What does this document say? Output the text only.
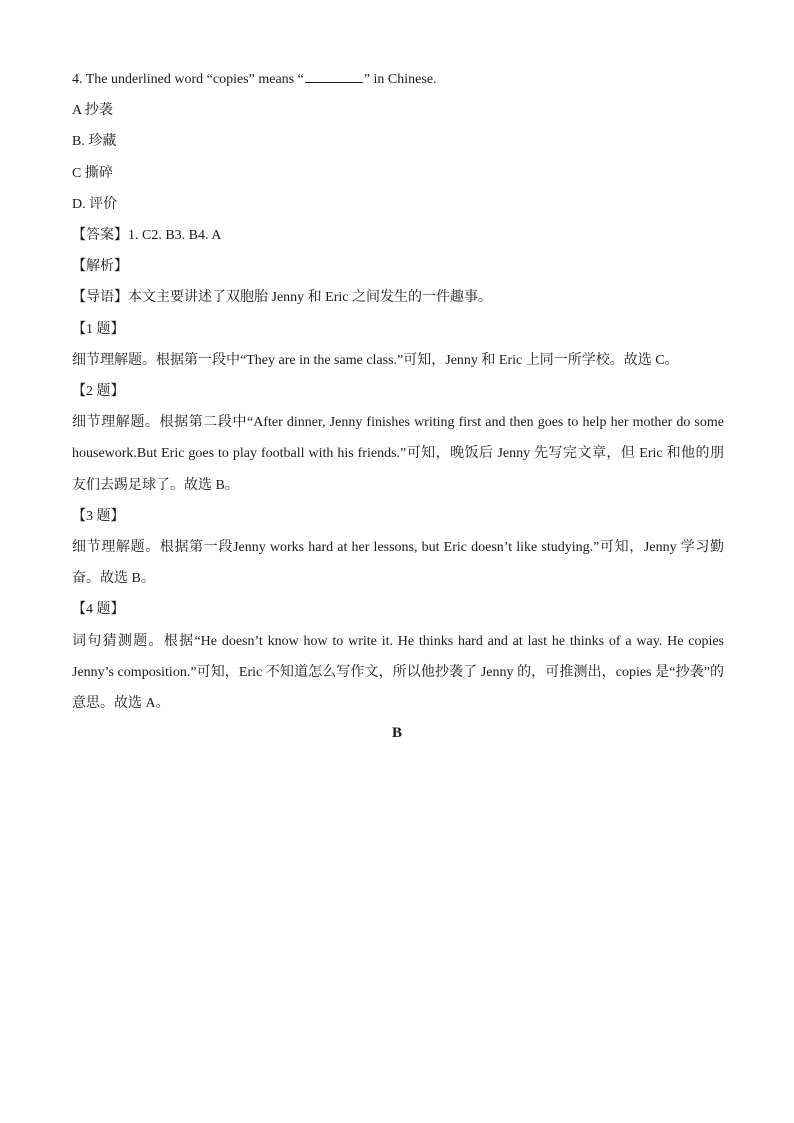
4. The underlined word “copies” means “	” in Chinese.
A 抄袭
B. 珍藏
C 撕碎
D. 评价
【答案】1. C2. B3. B4. A
【解析】
【导语】本文主要讲述了双胞胎 Jenny 和 Eric 之间发生的一件趣事。
【1 题】
细节理解题。根据第一段中“They are in the same class.”可知，Jenny 和 Eric 上同一所学校。故选 C。
【2 题】
细节理解题。根据第二段中“After dinner, Jenny finishes writing first and then goes to help her mother do some housework.But Eric goes to play football with his friends.”可知，晚饭后 Jenny 先写完文章，但 Eric 和他的朋友们去踢足球了。故选 B。
【3 题】
细节理解题。根据第一段Jenny works hard at her lessons, but Eric doesn’t like studying.”可知，Jenny 学习勤奋。故选 B。
【4 题】
词句猜测题。根据“He doesn’t know how to write it. He thinks hard and at last he thinks of a way. He copies Jenny’s composition.”可知，Eric 不知道怎么写作文，所以他抄袭了 Jenny 的，可推测出，copies 是“抄袭”的意思。故选 A。
B
